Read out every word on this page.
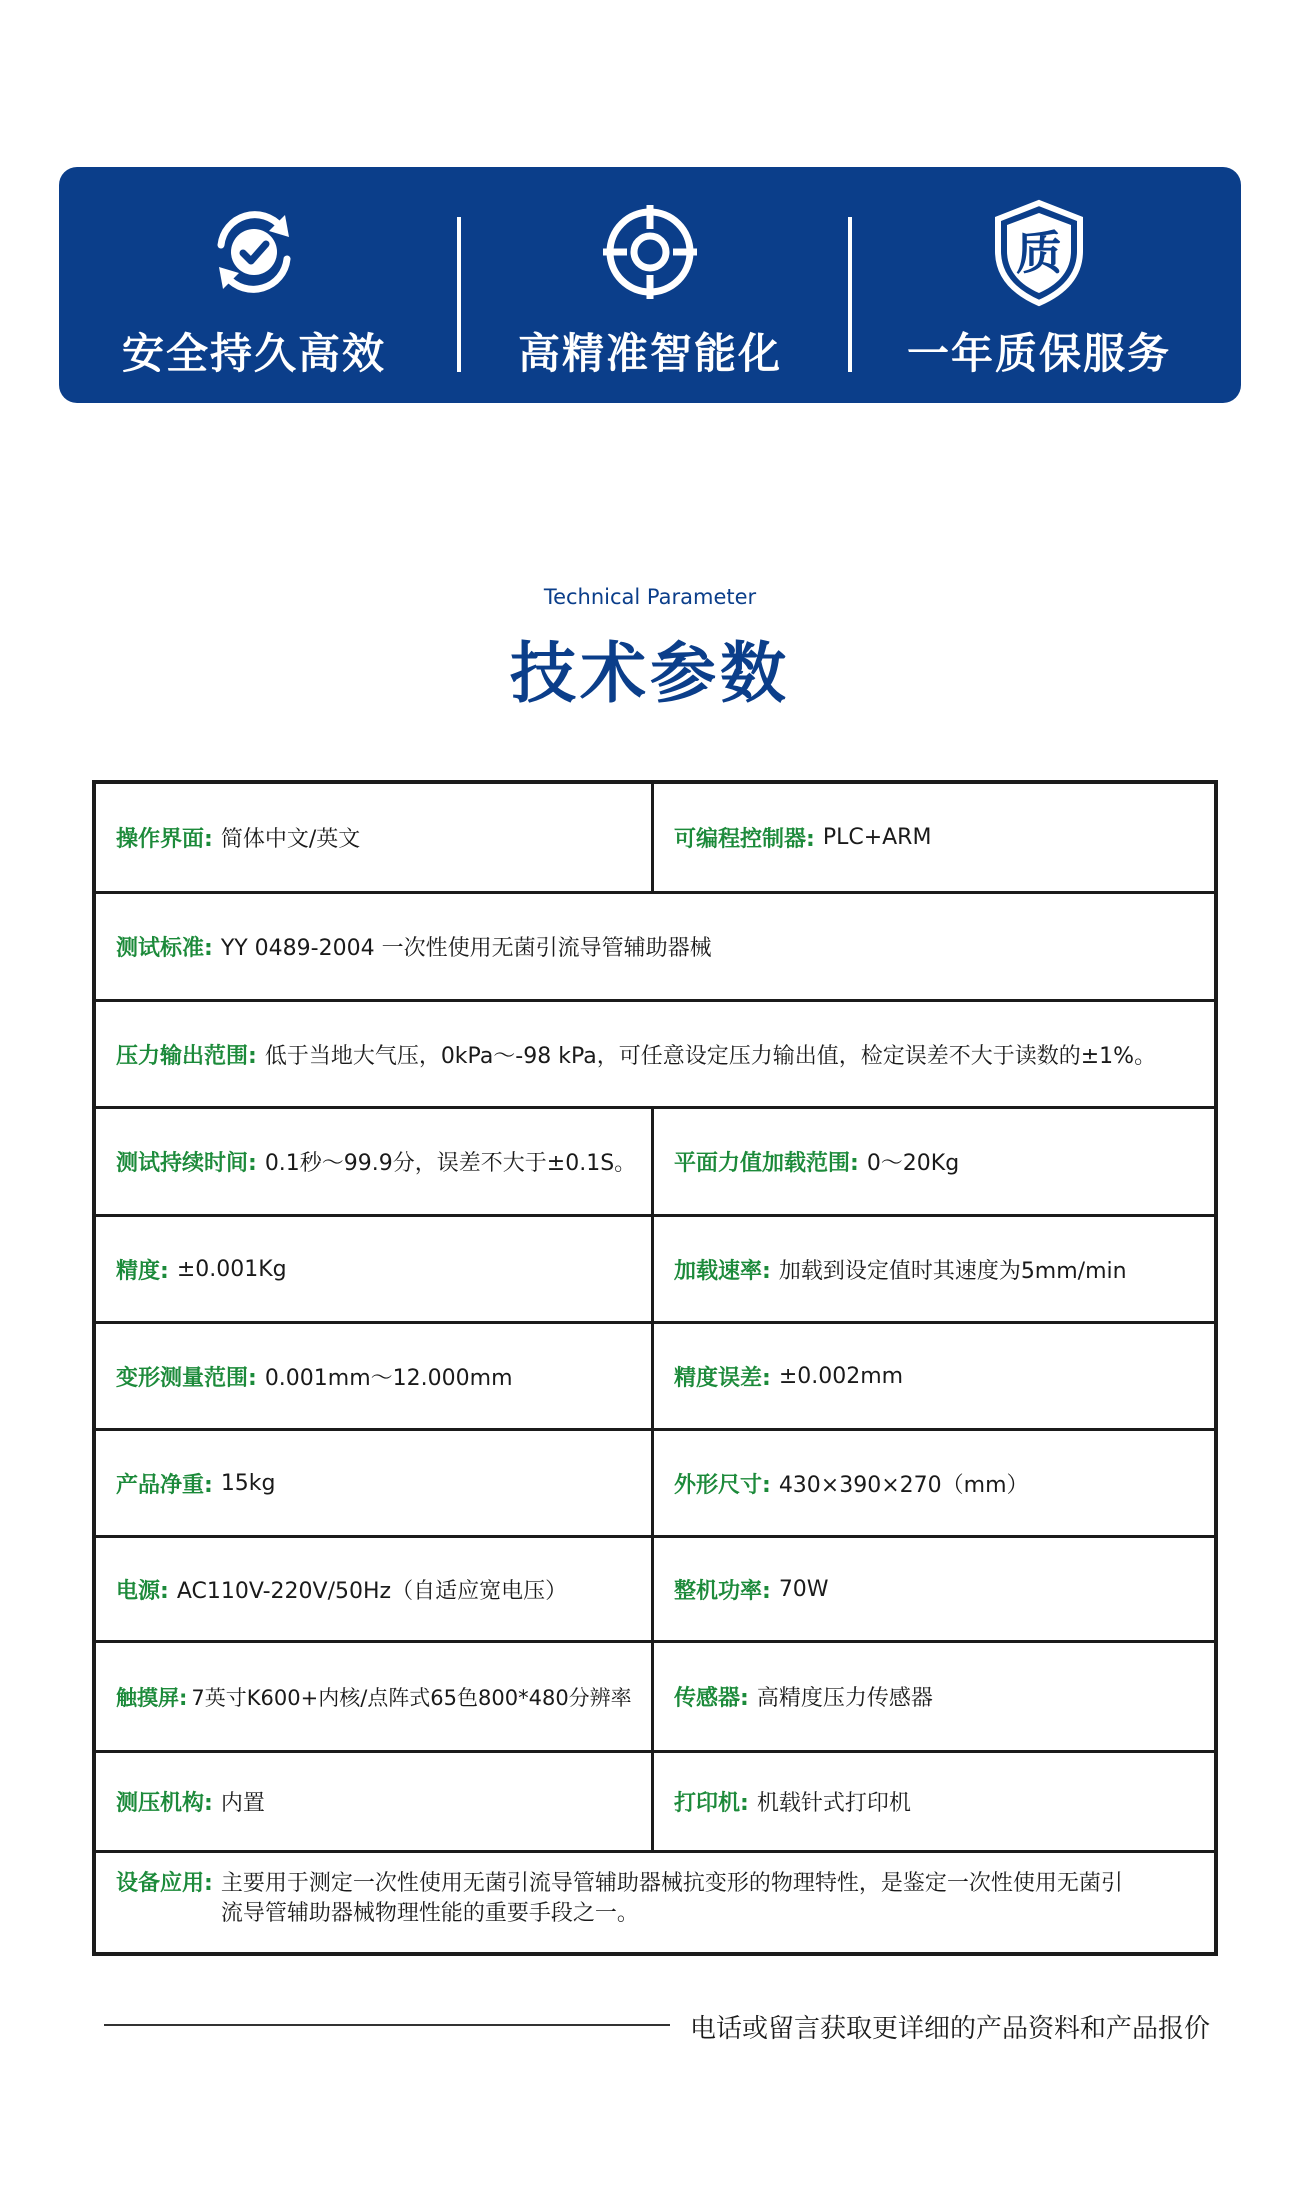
安全持久高效	高精准智能化
质
一年质保服务
Technical Parameter
技术参数
操作界面: 简体中文/英文	可编程控制器: PLC+ARM
测试标准: YY 0489-2004 一次性使用无菌引流导管辅助器械
压力输出范围: 低于当地大气压，0kPa～-98 kPa，可任意设定压力输出值，检定误差不大于读数的±1%。
测试持续时间: 0.1秒～99.9分，误差不大于±0.1S。 平面力值加载范围: 0～20Kg
精度: ±0.001Kg	加载速率: 加载到设定值时其速度为5mm/min
变形测量范围: 0.001mm～12.000mm	精度误差: ±0.002mm
产品净重: 15kg	外形尺寸: 430×390×270（mm）
电源: AC110V-220V/50Hz（自适应宽电压）	整机功率: 70W
触摸屏: 7英寸K600+内核/点阵式65色800*480分辨率 传感器: 高精度压力传感器
测压机构: 内置	打印机: 机载针式打印机
设备应用: 主要用于测定一次性使用无菌引流导管辅助器械抗变形的物理特性，是鉴定一次性使用无菌引流导管辅助器械物理性能的重要手段之一。
电话或留言获取更详细的产品资料和产品报价
